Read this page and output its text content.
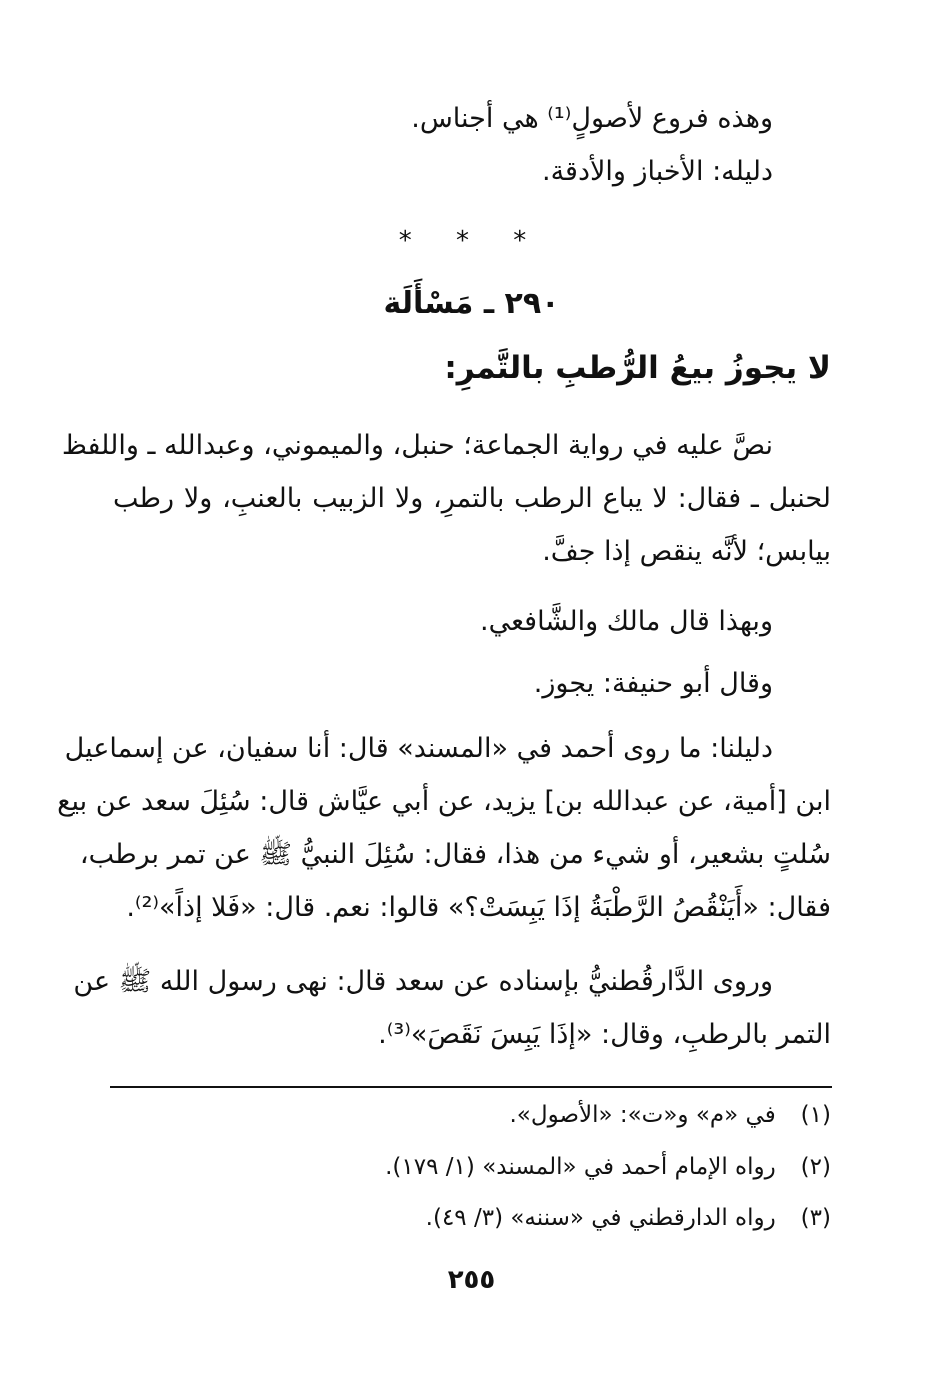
وهذه فروع لأصولٍ⁽¹⁾ هي أجناس.
دليله: الأخباز والأدقة.
* * *
٢٩٠ ـ مَسْأَلَة
لا يجوزُ بيعُ الرُّطبِ بالتَّمرِ:
نصَّ عليه في رواية الجماعة؛ حنبل، والميموني، وعبدالله ـ واللفظ
لحنبل ـ فقال: لا يباع الرطب بالتمرِ، ولا الزبيب بالعنبِ، ولا رطب
بيابس؛ لأنَّه ينقص إذا جفَّ.
وبهذا قال مالك والشَّافعي.
وقال أبو حنيفة: يجوز.
دليلنا: ما روى أحمد في «المسند» قال: أنا سفيان، عن إسماعيل
ابن [أمية، عن عبدالله بن] يزيد، عن أبي عيَّاش قال: سُئِلَ سعد عن بيع
سُلتٍ بشعير، أو شيء من هذا، فقال: سُئِلَ النبيُّ ﷺ عن تمر برطب،
فقال: «أَيَنْقُصُ الرَّطْبَةُ إذَا يَبِسَتْ؟» قالوا: نعم. قال: «فَلا إذاً»⁽²⁾.
وروى الدَّارقُطنيُّ بإسناده عن سعد قال: نهى رسول الله ﷺ عن
التمر بالرطبِ، وقال: «إذَا يَبِسَ نَقَصَ»⁽³⁾.
(١) في «م» و«ت»: «الأصول».
(٢) رواه الإمام أحمد في «المسند» (١/ ١٧٩).
(٣) رواه الدارقطني في «سننه» (٣/ ٤٩).
٢٥٥
